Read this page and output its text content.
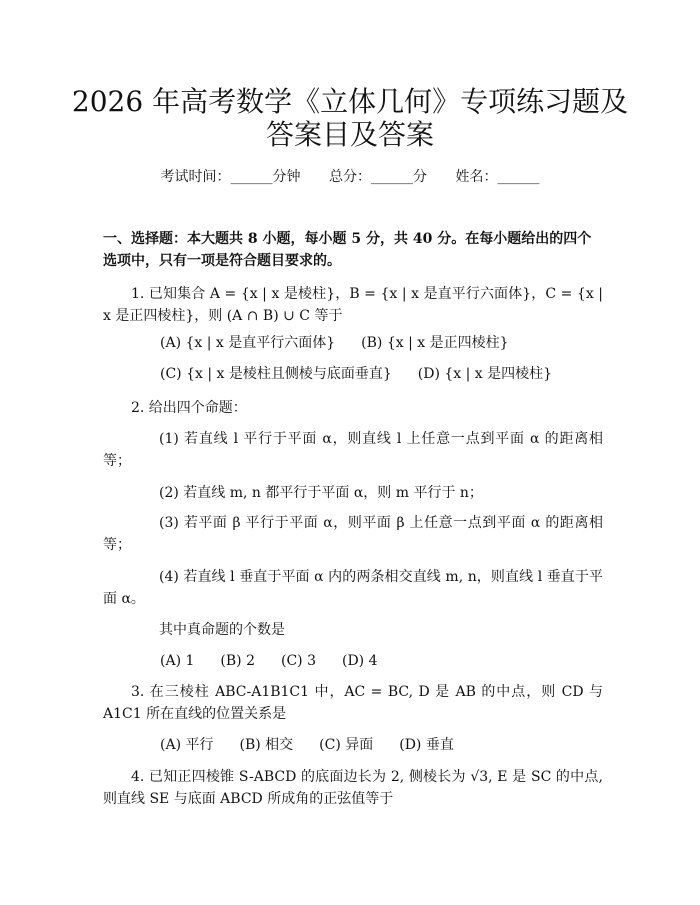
2026 年高考数学《立体几何》专项练习题及
答案目及答案
考试时间：______分钟 总分：______分 姓名：______
一、选择题：本大题共 8 小题，每小题 5 分，共 40 分。在每小题给出的四个选项中，只有一项是符合题目要求的。
1. 已知集合 A = {x | x 是棱柱}，B = {x | x 是直平行六面体}，C = {x | x 是正四棱柱}，则 (A ∩ B) ∪ C 等于
(A) {x | x 是直平行六面体} (B) {x | x 是正四棱柱}
(C) {x | x 是棱柱且侧棱与底面垂直} (D) {x | x 是四棱柱}
2. 给出四个命题：
(1) 若直线 l 平行于平面 α，则直线 l 上任意一点到平面 α 的距离相等；
(2) 若直线 m, n 都平行于平面 α，则 m 平行于 n；
(3) 若平面 β 平行于平面 α，则平面 β 上任意一点到平面 α 的距离相等；
(4) 若直线 l 垂直于平面 α 内的两条相交直线 m, n，则直线 l 垂直于平面 α。
其中真命题的个数是
(A) 1 (B) 2 (C) 3 (D) 4
3. 在三棱柱 ABC-A1B1C1 中，AC = BC, D 是 AB 的中点，则 CD 与 A1C1 所在直线的位置关系是
(A) 平行 (B) 相交 (C) 异面 (D) 垂直
4. 已知正四棱锥 S-ABCD 的底面边长为 2, 侧棱长为 √3, E 是 SC 的中点, 则直线 SE 与底面 ABCD 所成角的正弦值等于
